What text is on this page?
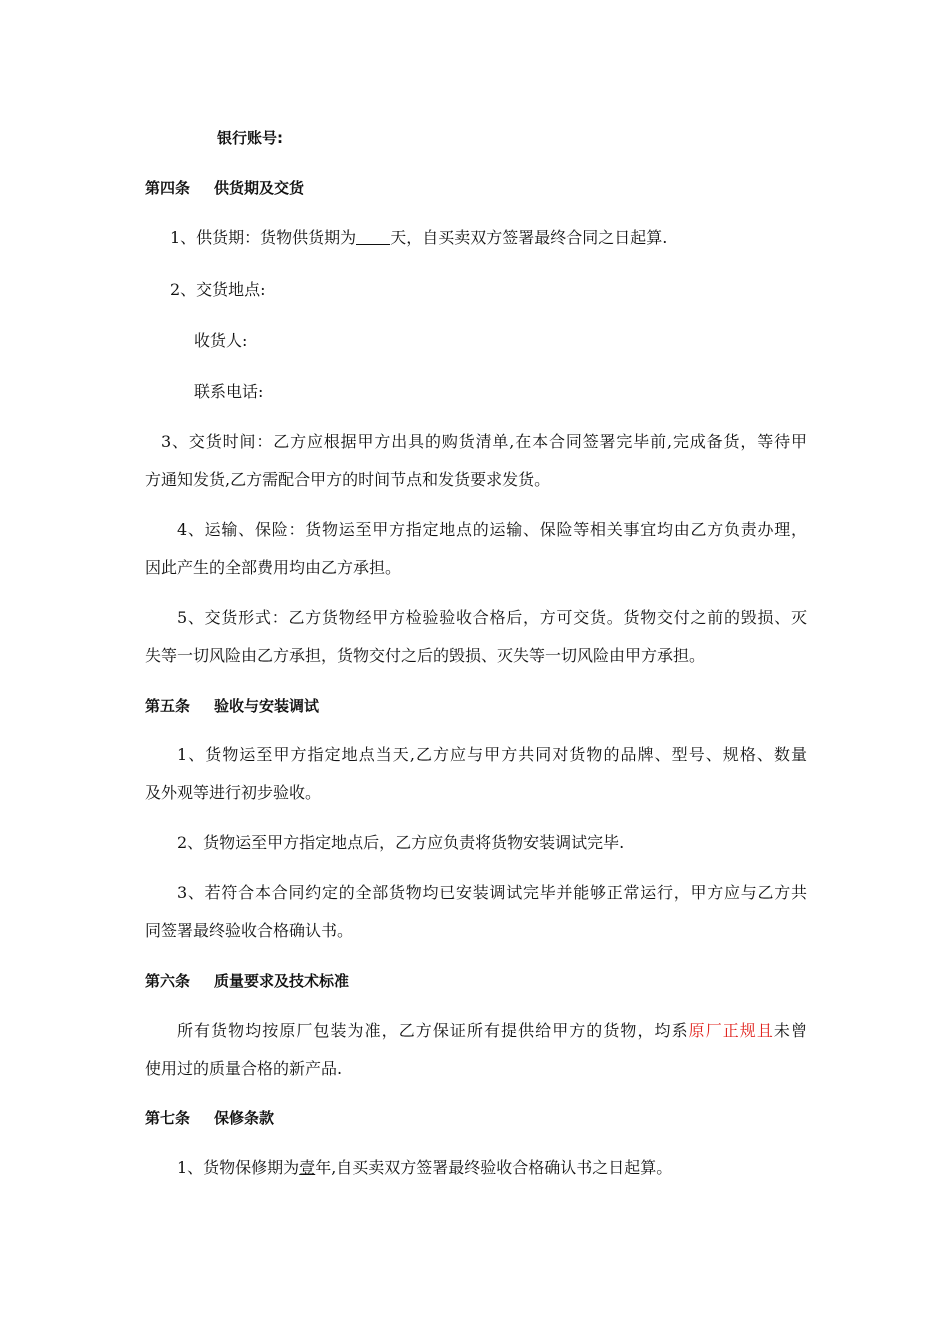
银行账号:

第四条 供货期及交货

1、供货期：货物供货期为 天，自买卖双方签署最终合同之日起算.

2、交货地点:

收货人:

联系电话:

3、交货时间：乙方应根据甲方出具的购货清单,在本合同签署完毕前,完成备货，等待甲

方通知发货,乙方需配合甲方的时间节点和发货要求发货。

4、运输、保险：货物运至甲方指定地点的运输、保险等相关事宜均由乙方负责办理，

因此产生的全部费用均由乙方承担。

5、交货形式：乙方货物经甲方检验验收合格后，方可交货。货物交付之前的毁损、灭

失等一切风险由乙方承担，货物交付之后的毁损、灭失等一切风险由甲方承担。

第五条 验收与安装调试

1、货物运至甲方指定地点当天,乙方应与甲方共同对货物的品牌、型号、规格、数量

及外观等进行初步验收。

2、货物运至甲方指定地点后，乙方应负责将货物安装调试完毕.

3、若符合本合同约定的全部货物均已安装调试完毕并能够正常运行，甲方应与乙方共

同签署最终验收合格确认书。

第六条 质量要求及技术标准

所有货物均按原厂包装为准，乙方保证所有提供给甲方的货物，均系原厂正规且未曾

使用过的质量合格的新产品.

第七条 保修条款

1、货物保修期为壹年,自买卖双方签署最终验收合格确认书之日起算。
